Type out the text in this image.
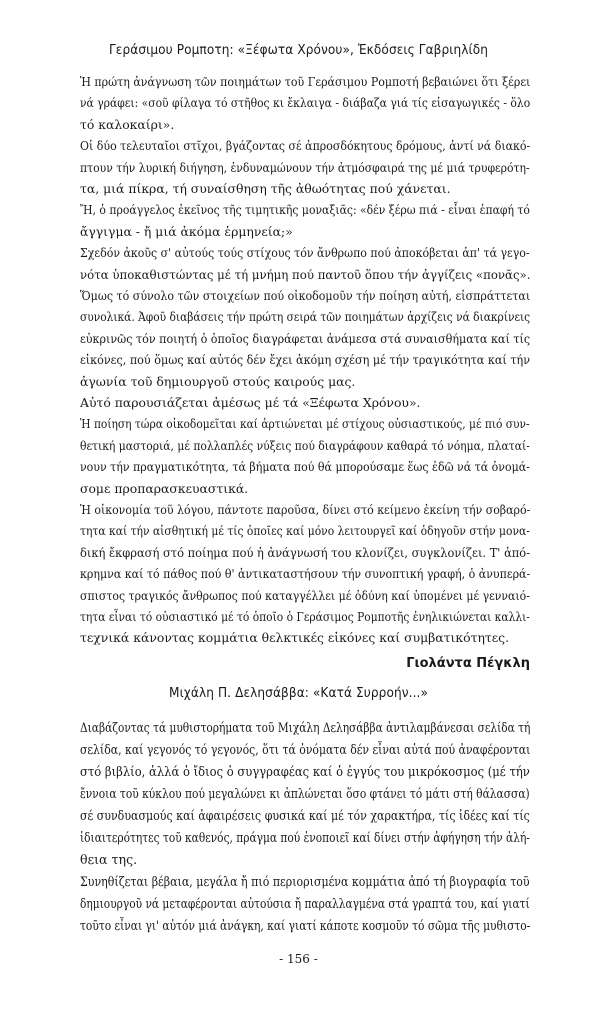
Γεράσιμου Ρομποτη: «Ξέφωτα Χρόνου», Ἐκδόσεις Γαβριηλίδη
Ἡ πρώτη ἀνάγνωση τῶν ποιημάτων τοῦ Γεράσιμου Ρομποτή βεβαιώνει ὅτι ξέρει
νά γράφει: «σοῦ φίλαγα τό στῆθος κι ἔκλαιγα - διάβαζα γιά τίς εἰσαγωγικές - ὅλο
τό καλοκαίρι».
Οἱ δύο τελευταῖοι στῖχοι, βγάζοντας σέ ἀπροσδόκητους δρόμους, ἀντί νά διακό-
πτουν τήν λυρική διήγηση, ἐνδυναμώνουν τήν ἀτμόσφαιρά της μέ μιά τρυφερότη-
τα, μιά πίκρα, τή συναίσθηση τῆς ἀθωότητας πού χάνεται.
Ἤ, ὁ προάγγελος ἐκεῖνος τῆς τιμητικῆς μοναξιᾶς: «δέν ξέρω πιά - εἶναι ἐπαφή τό
ἄγγιγμα - ἤ μιά ἀκόμα ἑρμηνεία;»
Σχεδόν ἀκοῦς σ' αὐτούς τούς στίχους τόν ἄνθρωπο πού ἀποκόβεται ἀπ' τά γεγο-
νότα ὑποκαθιστώντας μέ τή μνήμη πού παντοῦ ὅπου τήν ἀγγίζεις «πονᾶς».
Ὅμως τό σύνολο τῶν στοιχείων πού οἰκοδομοῦν τήν ποίηση αὐτή, εἰσπράττεται
συνολικά. Ἀφοῦ διαβάσεις τήν πρώτη σειρά τῶν ποιημάτων ἀρχίζεις νά διακρίνεις
εὐκρινῶς τόν ποιητή ὁ ὁποῖος διαγράφεται ἀνάμεσα στά συναισθήματα καί τίς
εἰκόνες, πού ὅμως καί αὐτός δέν ἔχει ἀκόμη σχέση μέ τήν τραγικότητα καί τήν
ἀγωνία τοῦ δημιουργοῦ στούς καιρούς μας.
Αὐτό παρουσιάζεται ἀμέσως μέ τά «Ξέφωτα Χρόνου».
Ἡ ποίηση τώρα οἰκοδομεῖται καί ἀρτιώνεται μέ στίχους οὐσιαστικούς, μέ πιό συν-
θετική μαστοριά, μέ πολλαπλές νύξεις πού διαγράφουν καθαρά τό νόημα, πλαταί-
νουν τήν πραγματικότητα, τά βήματα πού θά μπορούσαμε ἕως ἐδῶ νά τά ὀνομά-
σομε προπαρασκευαστικά.
Ἡ οἰκονομία τοῦ λόγου, πάντοτε παροῦσα, δίνει στό κείμενο ἐκείνη τήν σοβαρό-
τητα καί τήν αἰσθητική μέ τίς ὁποῖες καί μόνο λειτουργεῖ καί ὁδηγοῦν στήν μονα-
δική ἔκφρασή στό ποίημα πού ἡ ἀνάγνωσή του κλονίζει, συγκλονίζει. Τ' ἀπό-
κρημνα καί τό πάθος πού θ' ἀντικαταστήσουν τήν συνοπτική γραφή, ὁ ἀνυπερά-
σπιστος τραγικός ἄνθρωπος πού καταγγέλλει μέ ὀδύνη καί ὑπομένει μέ γενναιό-
τητα εἶναι τό οὐσιαστικό μέ τό ὁποῖο ὁ Γεράσιμος Ρομποτῆς ἐνηλικιώνεται καλλι-
τεχνικά κάνοντας κομμάτια θελκτικές εἰκόνες καί συμβατικότητες.
Γιολάντα Πέγκλη
Μιχάλη Π. Δελησάββα: «Κατά Συρροήν...»
Διαβάζοντας τά μυθιστορήματα τοῦ Μιχάλη Δελησάββα ἀντιλαμβάνεσαι σελίδα τή
σελίδα, καί γεγονός τό γεγονός, ὅτι τά ὀνόματα δέν εἶναι αὐτά πού ἀναφέρονται
στό βιβλίο, ἀλλά ὁ ἴδιος ὁ συγγραφέας καί ὁ ἐγγύς του μικρόκοσμος (μέ τήν
ἔννοια τοῦ κύκλου πού μεγαλώνει κι ἁπλώνεται ὅσο φτάνει τό μάτι στή θάλασσα)
σέ συνδυασμούς καί ἀφαιρέσεις φυσικά καί μέ τόν χαρακτήρα, τίς ἰδέες καί τίς
ἰδιαιτερότητες τοῦ καθενός, πράγμα πού ἑνοποιεῖ καί δίνει στήν ἀφήγηση τήν ἀλή-
θεια της.
Συνηθίζεται βέβαια, μεγάλα ἤ πιό περιορισμένα κομμάτια ἀπό τή βιογραφία τοῦ
δημιουργοῦ νά μεταφέρονται αὐτούσια ἤ παραλλαγμένα στά γραπτά του, καί γιατί
τοῦτο εἶναι γι' αὐτόν μιά ἀνάγκη, καί γιατί κάποτε κοσμοῦν τό σῶμα τῆς μυθιστο-
- 156 -
